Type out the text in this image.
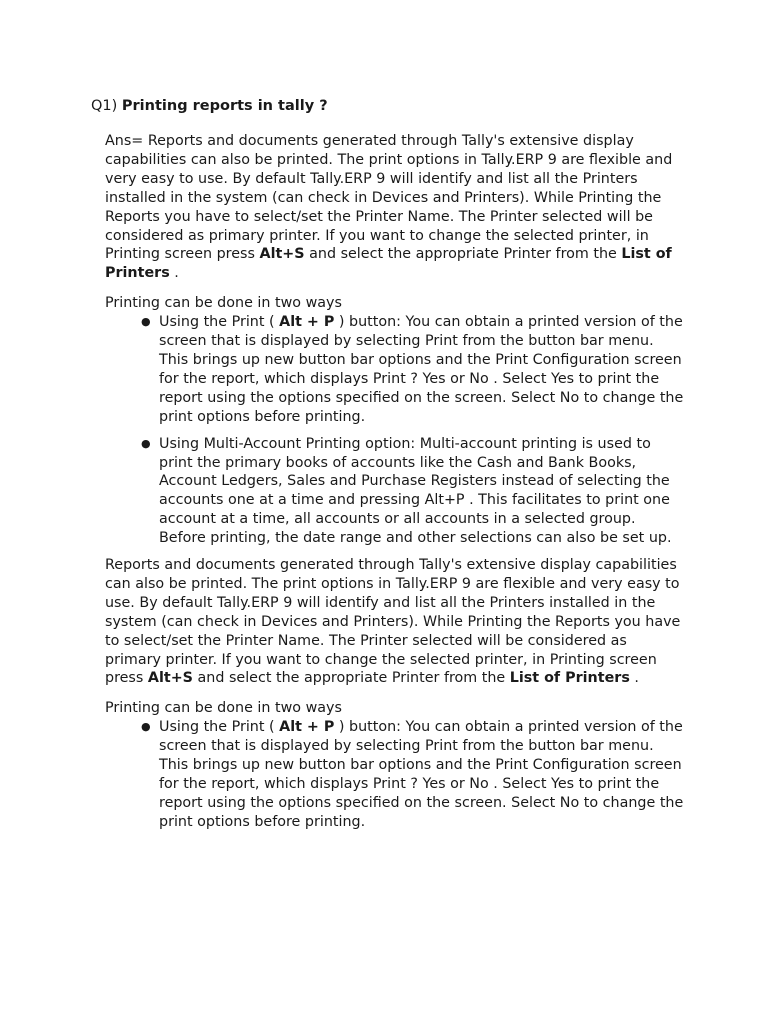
Q1) Printing reports in tally ?

Ans= Reports and documents generated through Tally's extensive display capabilities can also be printed. The print options in Tally.ERP 9 are flexible and very easy to use. By default Tally.ERP 9 will identify and list all the Printers installed in the system (can check in Devices and Printers). While Printing the Reports you have to select/set the Printer Name. The Printer selected will be considered as primary printer. If you want to change the selected printer, in Printing screen press Alt+S and select the appropriate Printer from the List of Printers .

Printing can be done in two ways

● Using the Print ( Alt + P ) button: You can obtain a printed version of the screen that is displayed by selecting Print from the button bar menu. This brings up new button bar options and the Print Configuration screen for the report, which displays Print ? Yes or No . Select Yes to print the report using the options specified on the screen. Select No to change the print options before printing.
● Using Multi-Account Printing option: Multi-account printing is used to print the primary books of accounts like the Cash and Bank Books, Account Ledgers, Sales and Purchase Registers instead of selecting the accounts one at a time and pressing Alt+P . This facilitates to print one account at a time, all accounts or all accounts in a selected group. Before printing, the date range and other selections can also be set up.

Reports and documents generated through Tally's extensive display capabilities can also be printed. The print options in Tally.ERP 9 are flexible and very easy to use. By default Tally.ERP 9 will identify and list all the Printers installed in the system (can check in Devices and Printers). While Printing the Reports you have to select/set the Printer Name. The Printer selected will be considered as primary printer. If you want to change the selected printer, in Printing screen press Alt+S and select the appropriate Printer from the List of Printers .

Printing can be done in two ways

● Using the Print ( Alt + P ) button: You can obtain a printed version of the screen that is displayed by selecting Print from the button bar menu. This brings up new button bar options and the Print Configuration screen for the report, which displays Print ? Yes or No . Select Yes to print the report using the options specified on the screen. Select No to change the print options before printing.
